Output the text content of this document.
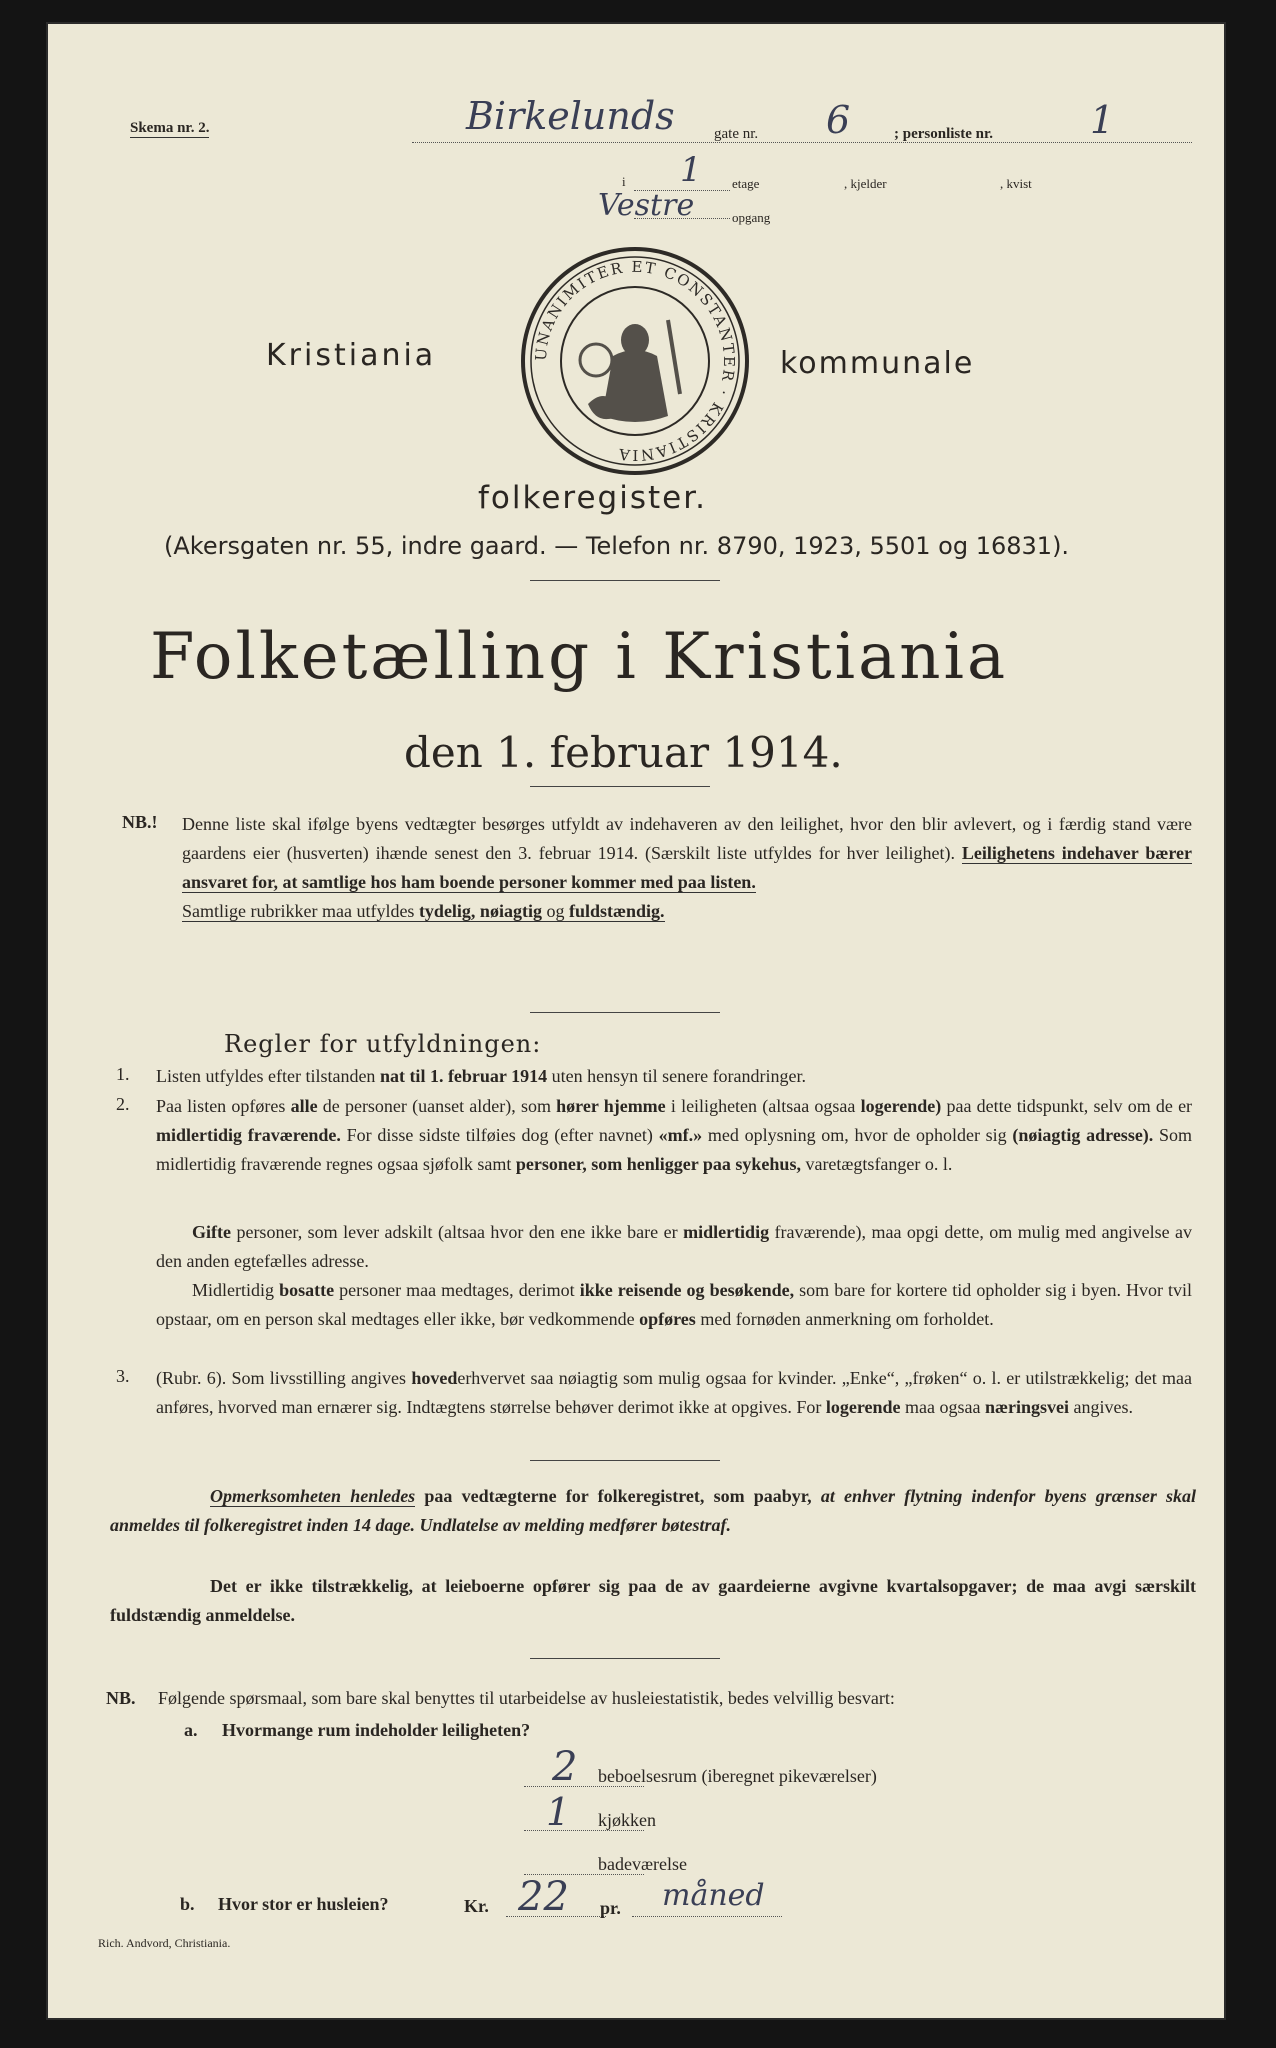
Skema nr. 2.	Birkelunds	gate nr. 6	; personliste nr.	1
i 1 etage	, kjelder	, kvist
Vestre	opgang
Kristiania	kommunale
UNANIMITER ET CONSTANTER · KRISTIANIA
folkeregister.
(Akersgaten nr. 55, indre gaard. — Telefon nr. 8790, 1923, 5501 og 16831).
Folketælling i Kristiania
den 1. februar 1914.
NB.! Denne liste skal ifølge byens vedtægter besørges utfyldt av indehaveren av den leilighet, hvor den blir avlevert, og i færdig stand være gaardens eier (husverten) ihænde senest den 3. februar 1914. (Særskilt liste utfyldes for hver leilighet). Leilighetens indehaver bærer ansvaret for, at samtlige hos ham boende personer kommer med paa listen.
Samtlige rubrikker maa utfyldes tydelig, nøiagtig og fuldstændig.

Regler for utfyldningen:
1. Listen utfyldes efter tilstanden nat til 1. februar 1914 uten hensyn til senere forandringer.

2. Paa listen opføres alle de personer (uanset alder), som hører hjemme i leiligheten (altsaa ogsaa logerende) paa dette tidspunkt, selv om de er midlertidig fraværende. For disse sidste tilføies dog (efter navnet) «mf.» med oplysning om, hvor de opholder sig (nøiagtig adresse). Som midlertidig fraværende regnes ogsaa sjøfolk samt personer, som henligger paa sykehus, varetægtsfanger o. l.

Gifte personer, som lever adskilt (altsaa hvor den ene ikke bare er midlertidig fraværende), maa opgi dette, om mulig med angivelse av den anden egtefælles adresse.

Midlertidig bosatte personer maa medtages, derimot ikke reisende og besøkende, som bare for kortere tid opholder sig i byen. Hvor tvil opstaar, om en person skal medtages eller ikke, bør vedkommende opføres med fornøden anmerkning om forholdet.

3. (Rubr. 6). Som livsstilling angives hovederhvervet saa nøiagtig som mulig ogsaa for kvinder. „Enke“, „frøken“ o. l. er utilstrækkelig; det maa anføres, hvorved man ernærer sig. Indtægtens størrelse behøver derimot ikke at opgives. For logerende maa ogsaa næringsvei angives.

Opmerksomheten henledes paa vedtægterne for folkeregistret, som paabyr, at enhver flytning indenfor byens grænser skal anmeldes til folkeregistret inden 14 dage. Undlatelse av melding medfører bøtestraf.

Det er ikke tilstrækkelig, at leieboerne opfører sig paa de av gaardeierne avgivne kvartalsopgaver; de maa avgi særskilt fuldstændig anmeldelse.

NB. Følgende spørsmaal, som bare skal benyttes til utarbeidelse av husleiestatistik, bedes velvillig besvart:
a. Hvormange rum indeholder leiligheten?
2 beboelsesrum (iberegnet pikeværelser)
1 kjøkken
badeværelse
b. Hvor stor er husleien?	Kr. 22 pr. måned
Rich. Andvord, Christiania.
